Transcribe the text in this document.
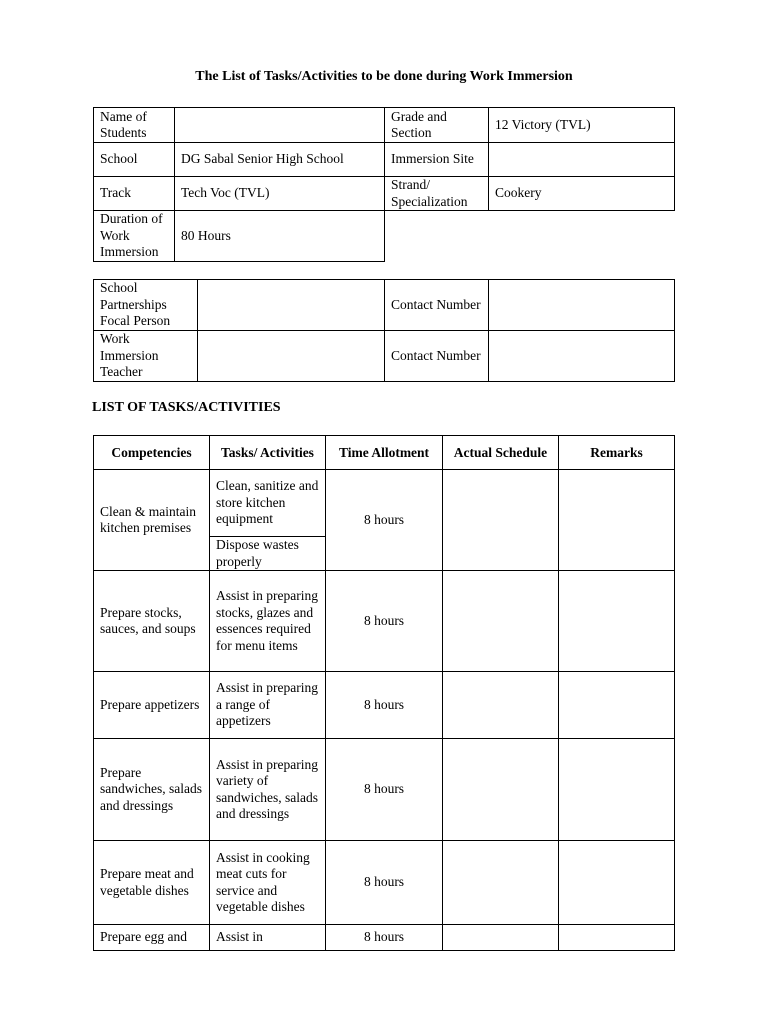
The List of Tasks/Activities to be done during Work Immersion
Name of Students		Grade and Section	12 Victory (TVL)
School	DG Sabal Senior High School	Immersion Site	
Track	Tech Voc (TVL)	Strand/ Specialization	Cookery
Duration of Work Immersion	80 Hours		
School Partnerships Focal Person		Contact Number	
Work Immersion Teacher		Contact Number	
LIST OF TASKS/ACTIVITIES
Competencies	Tasks/ Activities	Time Allotment	Actual Schedule	Remarks
Clean & maintain kitchen premises	Clean, sanitize and store kitchen equipment	8 hours		
	Dispose wastes properly			
Prepare stocks, sauces, and soups	Assist in preparing stocks, glazes and essences required for menu items	8 hours		
Prepare appetizers	Assist in preparing a range of appetizers	8 hours		
Prepare sandwiches, salads and dressings	Assist in preparing variety of sandwiches, salads and dressings	8 hours		
Prepare meat and vegetable dishes	Assist in cooking meat cuts for service and vegetable dishes	8 hours		
Prepare egg and	Assist in	8 hours		
